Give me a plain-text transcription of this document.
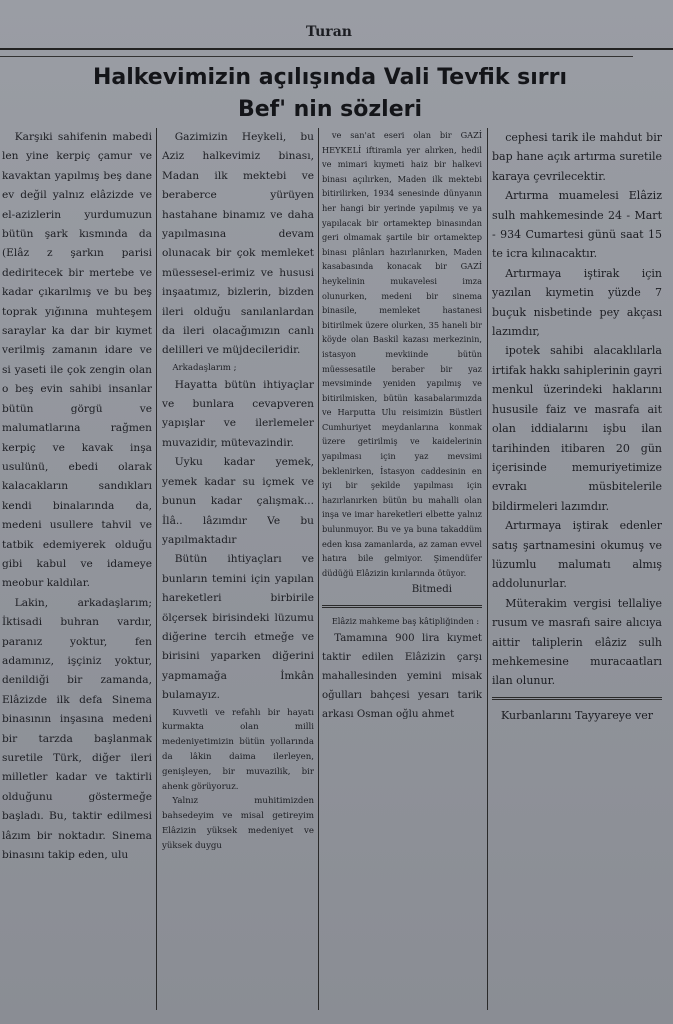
Turan
Halkevimizin açılışında Vali Tevfik sırrı
Bef' nin sözleri

Karşıki sahifenin mabedi len yine kerpiç çamur ve kavaktan yapılmış beş dane ev değil yalnız elâzizde ve el-azizlerin yurdumuzun bütün şark kısmında da (Elâz z şarkın parisi dediritecek bir mertebe ve kadar çıkarılmış ve bu beş toprak yığınına muhteşem saraylar ka dar bir kıymet verilmiş zamanın idare ve si yaseti ile çok zengin olan o beş evin sahibi insanlar bütün görgü ve malumatlarına rağmen kerpiç ve kavak inşa usulünü, ebedi olarak kalacakların sandıkları kendi binalarında da, medeni usullere tahvil ve tatbik edemiyerek olduğu gibi kabul ve idameye meobur kaldılar.

Lakin, arkadaşlarım; İktisadi buhran vardır, paranız yoktur, fen adamınız, işçiniz yoktur, denildiği bir zamanda, Elâzizde ilk defa Sinema binasının inşasına medeni bir tarzda başlanmak suretile Türk, diğer ileri milletler kadar ve taktirli olduğunu göstermeğe başladı. Bu, taktir edilmesi lâzım bir noktadır. Sinema binasını takip eden, ulu

Gazimizin Heykeli, bu Aziz halkevimiz binası, Madan ilk mektebi ve beraberce yürüyen hastahane binamız ve daha yapılmasına devam olunacak bir çok memleket müessesel-erimiz ve hususi inşaatımız, bizlerin, bizden ileri olduğu sanılanlardan da ileri olacağımızın canlı delilleri ve müjdecileridir.

Arkadaşlarım ;

Hayatta bütün ihtiyaçlar ve bunlara cevapveren yapışlar ve ilerlemeler muvazidir, mütevazindir.

Uyku kadar yemek, yemek kadar su içmek ve bunun kadar çalışmak... İlâ.. lâzımdır Ve bu yapılmaktadır

Bütün ihtiyaçları ve bunların temini için yapılan hareketleri birbirile ölçersek birisindeki lüzumu diğerine tercih etmeğe ve birisini yaparken diğerini yapmamağa İmkân bulamayız.

Kuvvetli ve refahlı bir hayatı kurmakta olan milli medeniyetimizin bütün yollarında da lâkin daima ilerleyen, genişleyen, bir muvazilik, bir ahenk görüyoruz.

Yalnız muhitimizden bahsedeyim ve misal getireyim Elâzizin yüksek medeniyet ve yüksek duygu

ve san'at eseri olan bir GAZİ HEYKELİ iftiramla yer alırken, hedil ve mimari kıymeti haiz bir halkevi binası açılırken, Maden ilk mektebi bitirilirken, 1934 senesinde dünyanın her hangi bir yerinde yapılmış ve ya yapılacak bir ortamektep binasından geri olmamak şartile bir ortamektep binası plânları hazırlanırken, Maden kasabasında konacak bir GAZİ heykelinin mukavelesi imza olunurken, medeni bir sinema binasile, memleket hastanesi bitirilmek üzere olurken, 35 haneli bir köyde olan Baskil kazası merkezinin, istasyon mevkiinde bütün müessesatile beraber bir yaz mevsiminde yeniden yapılmış ve bitirilmisken, bütün kasabalarımızda ve Harputta Ulu reisimizin Büstleri Cumhuriyet meydanlarına konmak üzere getirilmiş ve kaidelerinin yapılması için yaz mevsimi beklenirken, İstasyon caddesinin en iyi bir şekilde yapılması için hazırlanırken bütün bu mahalli olan inşa ve imar hareketleri elbette yalnız bulunmuyor. Bu ve ya buna takaddüm eden kısa zamanlarda, az zaman evvel hatıra bile gelmiyor. Şimendüfer düdüğü Elâzizin kırılarında ötüyor.

Bitmedi

Elâziz mahkeme baş kâtipliğinden :

Tamamına 900 lira kıymet taktir edilen Elâzizin çarşı mahallesinden yemini misak oğulları bahçesi yesarı tarik arkası Osman oğlu ahmet

cephesi tarik ile mahdut bir bap hane açık artırma suretile karaya çevrilecektir.

Artırma muamelesi Elâziz sulh mahkemesinde 24 - Mart - 934 Cumartesi günü saat 15 te icra kılınacaktır.

Artırmaya iştirak için yazılan kıymetin yüzde 7 buçuk nisbetinde pey akçası lazımdır,

ipotek sahibi alacaklılarla irtifak hakkı sahiplerinin gayri menkul üzerindeki haklarını hususile faiz ve masrafa ait olan iddialarını işbu ilan tarihinden itibaren 20 gün içerisinde memuriyetimize evrakı müsbitelerile bildirmeleri lazımdır.

Artırmaya iştirak edenler satış şartnamesini okumuş ve lüzumlu malumatı almış addolunurlar.

Müterakim vergisi tellaliye rusum ve masrafı saire alıcıya aittir taliplerin elâziz sulh mehkemesine muracaatları ilan olunur.

Kurbanlarını Tayyareye ver
